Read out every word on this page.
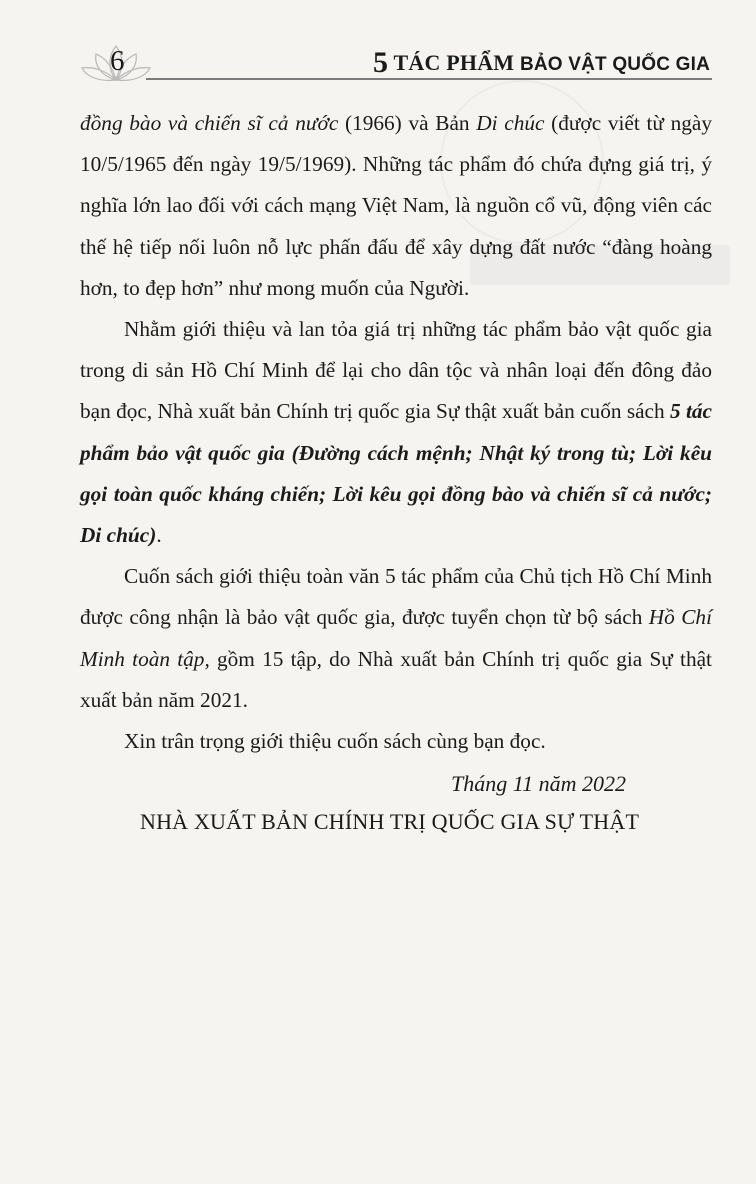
6	5 TÁC PHẨM BẢO VẬT QUỐC GIA

đồng bào và chiến sĩ cả nước (1966) và Bản Di chúc (được viết từ ngày 10/5/1965 đến ngày 19/5/1969). Những tác phẩm đó chứa đựng giá trị, ý nghĩa lớn lao đối với cách mạng Việt Nam, là nguồn cổ vũ, động viên các thế hệ tiếp nối luôn nỗ lực phấn đấu để xây dựng đất nước “đàng hoàng hơn, to đẹp hơn” như mong muốn của Người.

Nhằm giới thiệu và lan tỏa giá trị những tác phẩm bảo vật quốc gia trong di sản Hồ Chí Minh để lại cho dân tộc và nhân loại đến đông đảo bạn đọc, Nhà xuất bản Chính trị quốc gia Sự thật xuất bản cuốn sách 5 tác phẩm bảo vật quốc gia (Đường cách mệnh; Nhật ký trong tù; Lời kêu gọi toàn quốc kháng chiến; Lời kêu gọi đồng bào và chiến sĩ cả nước; Di chúc).

Cuốn sách giới thiệu toàn văn 5 tác phẩm của Chủ tịch Hồ Chí Minh được công nhận là bảo vật quốc gia, được tuyển chọn từ bộ sách Hồ Chí Minh toàn tập, gồm 15 tập, do Nhà xuất bản Chính trị quốc gia Sự thật xuất bản năm 2021.

Xin trân trọng giới thiệu cuốn sách cùng bạn đọc.

Tháng 11 năm 2022
NHÀ XUẤT BẢN CHÍNH TRỊ QUỐC GIA SỰ THẬT
